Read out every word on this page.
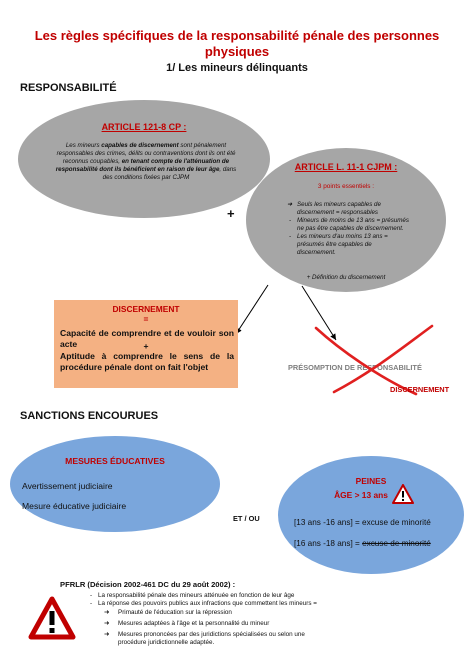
Les règles spécifiques de la responsabilité pénale des personnes
physiques
1/ Les mineurs délinquants
RESPONSABILITÉ
ARTICLE 121-8 CP :
Les mineurs capables de discernement sont pénalement responsables des crimes, délits ou contraventions dont ils ont été reconnus coupables, en tenant compte de l'atténuation de responsabilité dont ils bénéficient en raison de leur âge, dans des conditions fixées par CJPM
+
ARTICLE L. 11-1 CJPM :
3 points essentiels :
➜ Seuls les mineurs capables de discernement = responsables
- Mineurs de moins de 13 ans = présumés ne pas être capables de discernement.
- Les mineurs d'au moins 13 ans = présumés être capables de discernement.
+ Définition du discernement
DISCERNEMENT
=
Capacité de comprendre et de vouloir son acte	+
Aptitude à comprendre le sens de la procédure pénale dont on fait l'objet	PRÉSOMPTION DE RESPONSABILITÉ
DISCERNEMENT
SANCTIONS ENCOURUES
MESURES ÉDUCATIVES
Avertissement judiciaire
Mesure éducative judiciaire
ET / OU
PEINES
ÂGE > 13 ans
[13 ans -16 ans] = excuse de minorité
[16 ans -18 ans] = excuse de minorité
PFRLR (Décision 2002-461 DC du 29 août 2002) :
- La responsabilité pénale des mineurs atténuée en fonction de leur âge
- La réponse des pouvoirs publics aux infractions que commettent les mineurs =
➜ Primauté de l'éducation sur la répression
➜ Mesures adaptées à l'âge et la personnalité du mineur
➜ Mesures prononcées par des juridictions spécialisées ou selon une procédure juridictionnelle adaptée.
